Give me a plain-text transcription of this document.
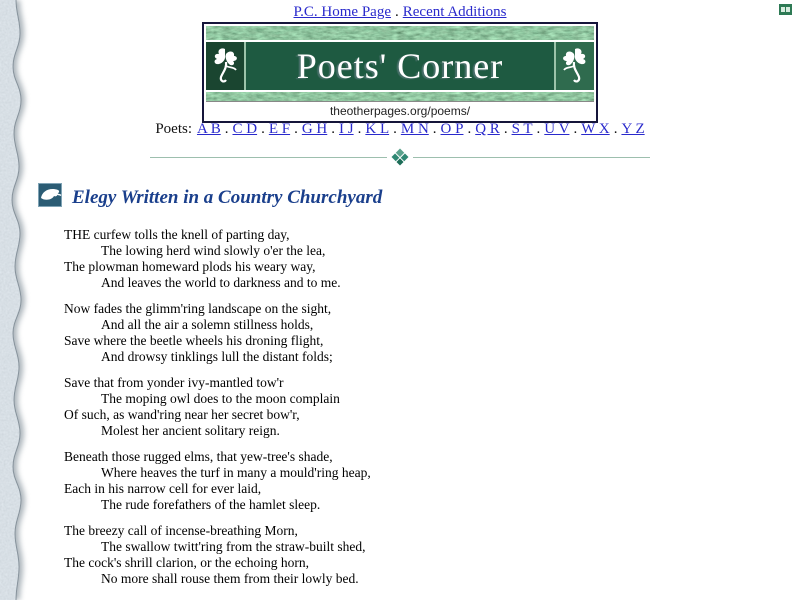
P.C. Home Page . Recent Additions
Poets' Corner
theotherpages.org/poems/
Poets: A B . C D . E F . G H . I J . K L . M N . O P . Q R . S T . U V . W X . Y Z
Elegy Written in a Country Churchyard

THE curfew tolls the knell of parting day,
The lowing herd wind slowly o'er the lea,
The plowman homeward plods his weary way,
And leaves the world to darkness and to me.

Now fades the glimm'ring landscape on the sight,
And all the air a solemn stillness holds,
Save where the beetle wheels his droning flight,
And drowsy tinklings lull the distant folds;

Save that from yonder ivy-mantled tow'r
The moping owl does to the moon complain
Of such, as wand'ring near her secret bow'r,
Molest her ancient solitary reign.

Beneath those rugged elms, that yew-tree's shade,
Where heaves the turf in many a mould'ring heap,
Each in his narrow cell for ever laid,
The rude forefathers of the hamlet sleep.

The breezy call of incense-breathing Morn,
The swallow twitt'ring from the straw-built shed,
The cock's shrill clarion, or the echoing horn,
No more shall rouse them from their lowly bed.
